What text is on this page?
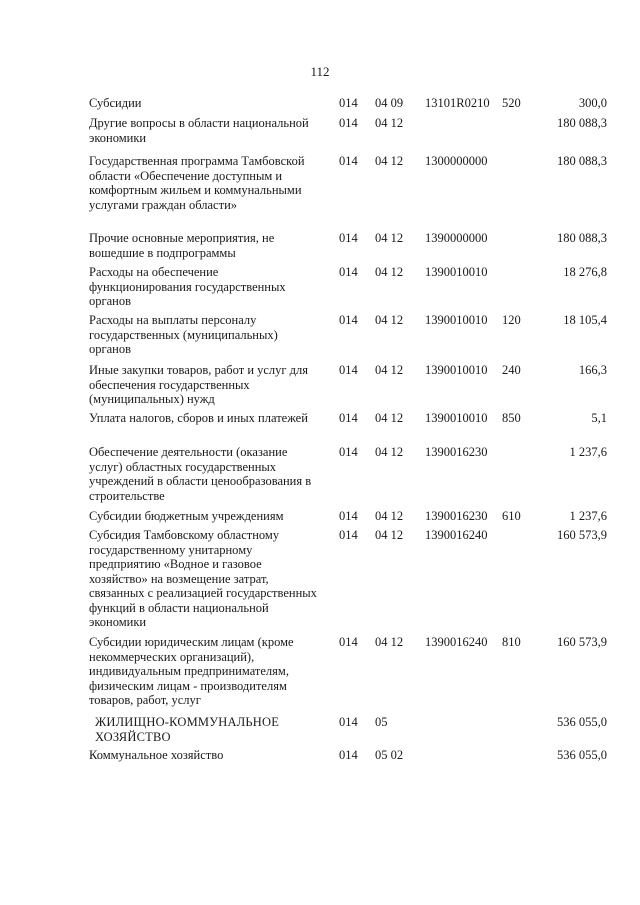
112
Субсидии	014 04 09	13101R0210 520	300,0
Другие вопросы в области национальной экономики
014 04 12	180 088,3
Государственная программа Тамбовской области «Обеспечение доступным и комфортным жильем и коммунальными услугами граждан области»
014 04 12	1300000000	180 088,3
Прочие основные мероприятия, не вошедшие в подпрограммы
014 04 12	1390000000	180 088,3
Расходы на обеспечение функционирования государственных органов
014 04 12	1390010010	18 276,8
Расходы на выплаты персоналу государственных (муниципальных) органов
014 04 12	1390010010 120	18 105,4
Иные закупки товаров, работ и услуг для обеспечения государственных (муниципальных) нужд
014 04 12	1390010010 240	166,3
Уплата налогов, сборов и иных платежей	014 04 12	1390010010 850	5,1
Обеспечение деятельности (оказание услуг) областных государственных учреждений в области ценообразования в строительстве
014 04 12	1390016230	1 237,6
Субсидии бюджетным учреждениям	014 04 12	1390016230 610	1 237,6
Субсидия Тамбовскому областному государственному унитарному предприятию «Водное и газовое хозяйство» на возмещение затрат, связанных с реализацией государственных функций в области национальной экономики
014 04 12	1390016240	160 573,9
Субсидии юридическим лицам (кроме некоммерческих организаций), индивидуальным предпринимателям, физическим лицам - производителям товаров, работ, услуг
014 04 12	1390016240 810	160 573,9
ЖИЛИЩНО-КОММУНАЛЬНОЕ ХОЗЯЙСТВО
014 05	536 055,0
Коммунальное хозяйство	014 05 02	536 055,0
